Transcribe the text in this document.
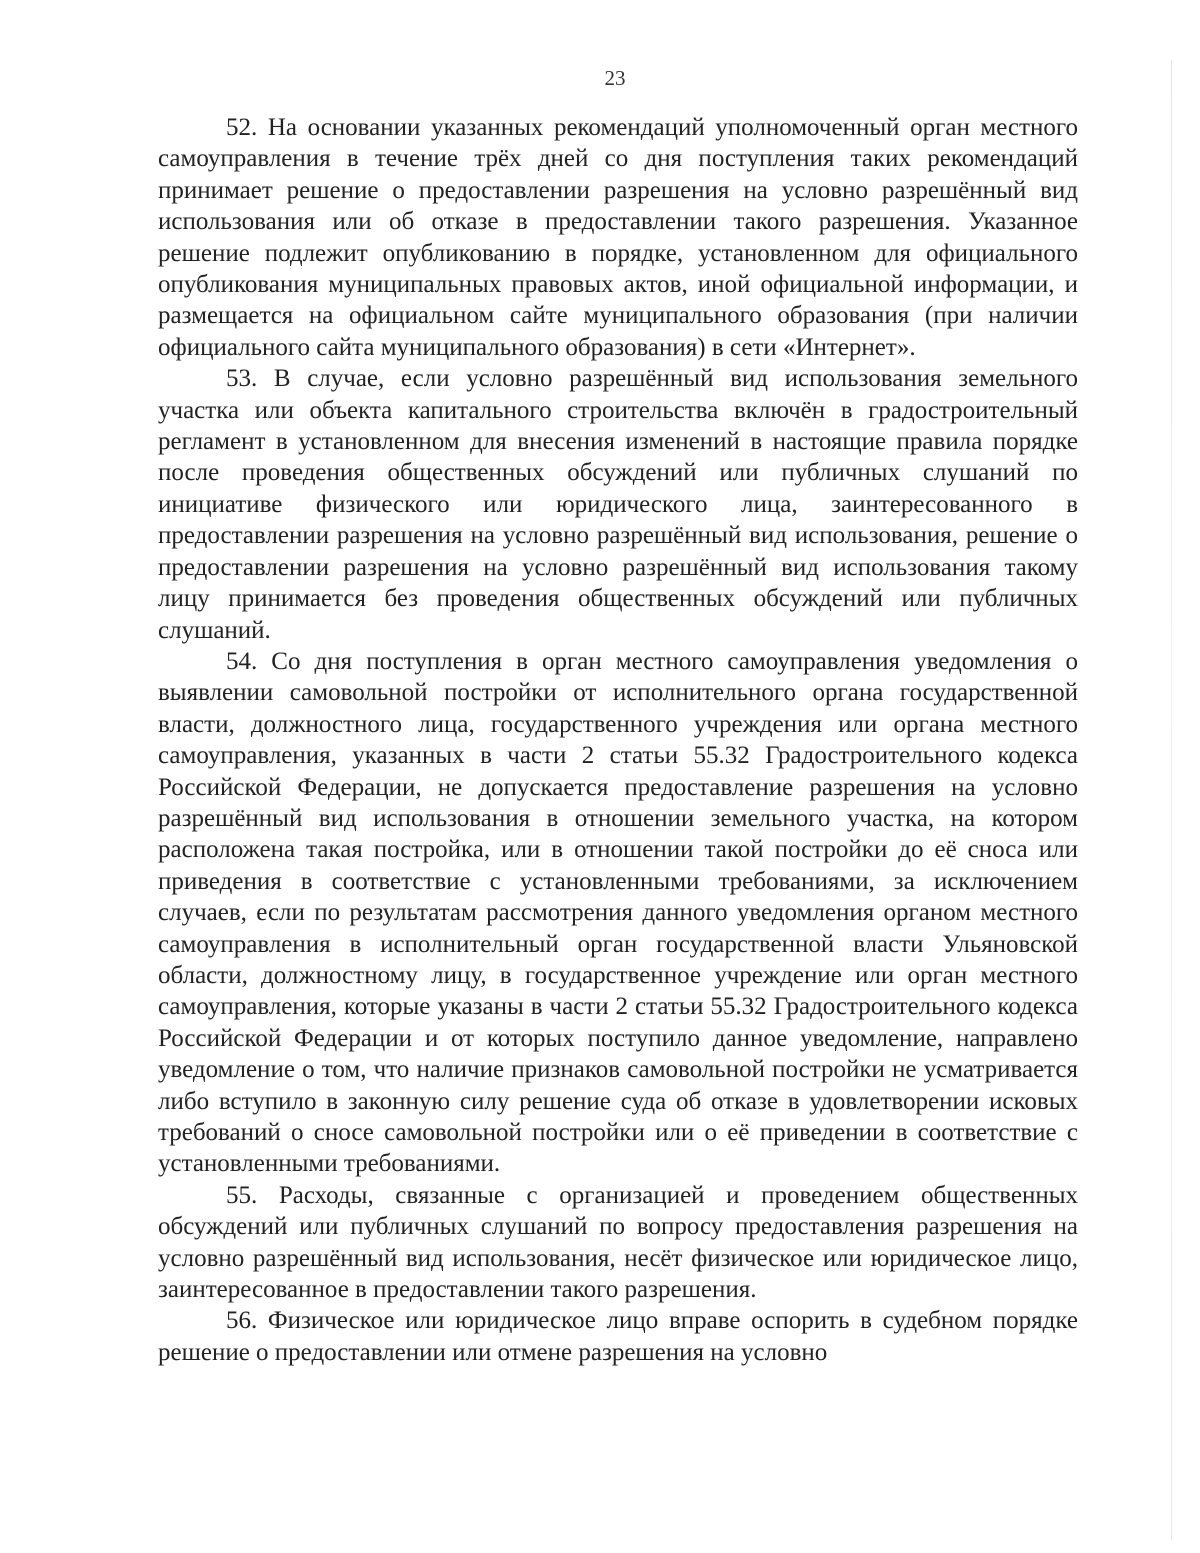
23

52. На основании указанных рекомендаций уполномоченный орган местного самоуправления в течение трёх дней со дня поступления таких рекомендаций принимает решение о предоставлении разрешения на условно разрешённый вид использования или об отказе в предоставлении такого разрешения. Указанное решение подлежит опубликованию в порядке, установленном для официального опубликования муниципальных правовых актов, иной официальной информации, и размещается на официальном сайте муниципального образования (при наличии официального сайта муниципального образования) в сети «Интернет».

53. В случае, если условно разрешённый вид использования земельного участка или объекта капитального строительства включён в градостроительный регламент в установленном для внесения изменений в настоящие правила порядке после проведения общественных обсуждений или публичных слушаний по инициативе физического или юридического лица, заинтересованного в предоставлении разрешения на условно разрешённый вид использования, решение о предоставлении разрешения на условно разрешённый вид использования такому лицу принимается без проведения общественных обсуждений или публичных слушаний.

54. Со дня поступления в орган местного самоуправления уведомления о выявлении самовольной постройки от исполнительного органа государственной власти, должностного лица, государственного учреждения или органа местного самоуправления, указанных в части 2 статьи 55.32 Градостроительного кодекса Российской Федерации, не допускается предоставление разрешения на условно разрешённый вид использования в отношении земельного участка, на котором расположена такая постройка, или в отношении такой постройки до её сноса или приведения в соответствие с установленными требованиями, за исключением случаев, если по результатам рассмотрения данного уведомления органом местного самоуправления в исполнительный орган государственной власти Ульяновской области, должностному лицу, в государственное учреждение или орган местного самоуправления, которые указаны в части 2 статьи 55.32 Градостроительного кодекса Российской Федерации и от которых поступило данное уведомление, направлено уведомление о том, что наличие признаков самовольной постройки не усматривается либо вступило в законную силу решение суда об отказе в удовлетворении исковых требований о сносе самовольной постройки или о её приведении в соответствие с установленными требованиями.

55. Расходы, связанные с организацией и проведением общественных обсуждений или публичных слушаний по вопросу предоставления разрешения на условно разрешённый вид использования, несёт физическое или юридическое лицо, заинтересованное в предоставлении такого разрешения.

56. Физическое или юридическое лицо вправе оспорить в судебном порядке решение о предоставлении или отмене разрешения на условно
